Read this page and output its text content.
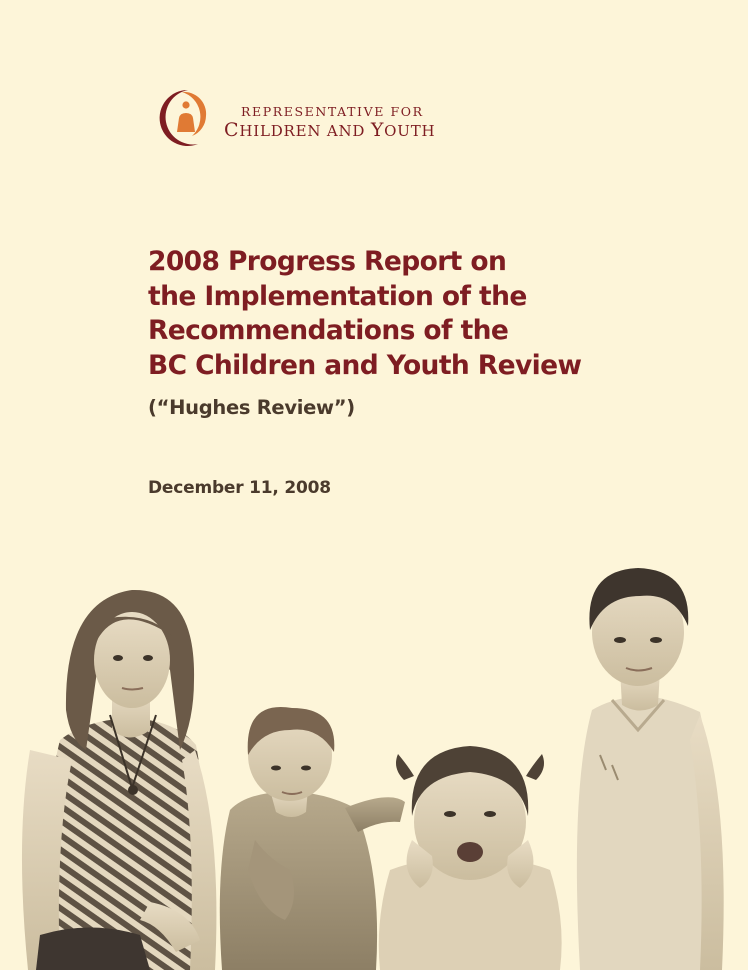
REPRESENTATIVE FOR
CHILDREN AND YOUTH
2008 Progress Report on
the Implementation of the
Recommendations of the
BC Children and Youth Review
(“Hughes Review”)
December 11, 2008
